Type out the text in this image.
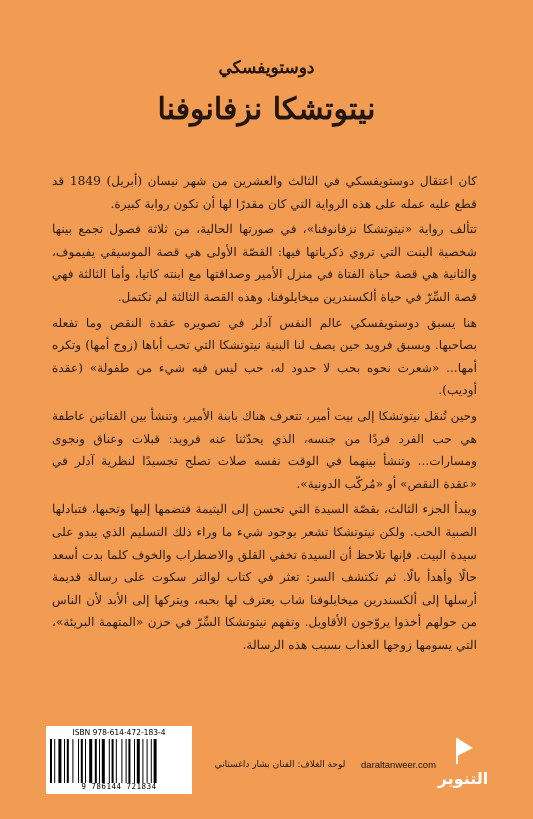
دوستويفسكي
نيتوتشكا نزفانوفنا

كان اعتقال دوستويفسكي في الثالث والعشرين من شهر نيسان (أبريل) 1849 قد قطع عليه عمله على هذه الرواية التي كان مقدرًا لها أن تكون رواية كبيرة.

تتألف رواية «نيتوتشكا نزفانوفنا»، في صورتها الحالية، من ثلاثة فصول تجمع بينها شخصية البنت التي تروي ذكرياتها فيها: القصّة الأولى هي قصة الموسيقي يفيموف، والثانية هي قصة حياة الفتاة في منزل الأمير وصداقتها مع ابنته كاتيا، وأما الثالثة فهي قصة السِّرّ في حياة ألكسندرين ميخايلوفنا، وهذه القصة الثالثة لم تكتمل.

هنا يسبق دوستويفسكي عالم النفس آدلر في تصويره عقدة النقص وما تفعله بصاحبها. ويسبق فرويد حين يصف لنا البنية نيتوتشكا التي تحب أباها (زوج أمها) وتكره أمها... «شعرت نحوه بحب لا حدود له، حب ليس فيه شيء من طفولة» (عقدة أوديب).

وحين تُنقل نيتوتشكا إلى بيت أمير، تتعرف هناك بابنة الأمير، وتنشأ بين الفتاتين عاطفة هي حب الفرد فردًا من جنسه، الذي يحدّثنا عنه فرويد: قبلات وعناق ونجوى ومسارات... وتنشأ بينهما في الوقت نفسه صلات تصلح تجسيدًا لنظرية آدلر في «عقدة النقص» أو «مُركّب الدونية».

ويبدأ الجزء الثالث، بقصّة السيدة التي تحسن إلى اليتيمة فتضمها إليها وتحبها، فتبادلها الصبية الحب. ولكن نيتوتشكا تشعر بوجود شيء ما وراء ذلك التسليم الذي يبدو على سيدة البيت. فإنها تلاحظ أن السيدة تخفي القلق والاضطراب والخوف كلما بدت أسعد حالًا وأهدأ بالًا. ثم تكتشف السر: تعثر في كتاب لوالتر سكوت على رسالة قديمة أرسلها إلى ألكسندرين ميخايلوفنا شاب يعترف لها بحبه، ويتركها إلى الأبد لأن الناس من حولهم أخذوا يروّجون الأقاويل. وتفهم نيتوتشكا السِّرّ في حزن «المتهمة البريئة»، التي يسومها زوجها العذاب بسبب هذه الرسالة.

ISBN 978-614-472-183-4
9 786144 721834
لوحة الغلاف: الفنان بشار داغستاني	daraltanweer.com
التنوير
